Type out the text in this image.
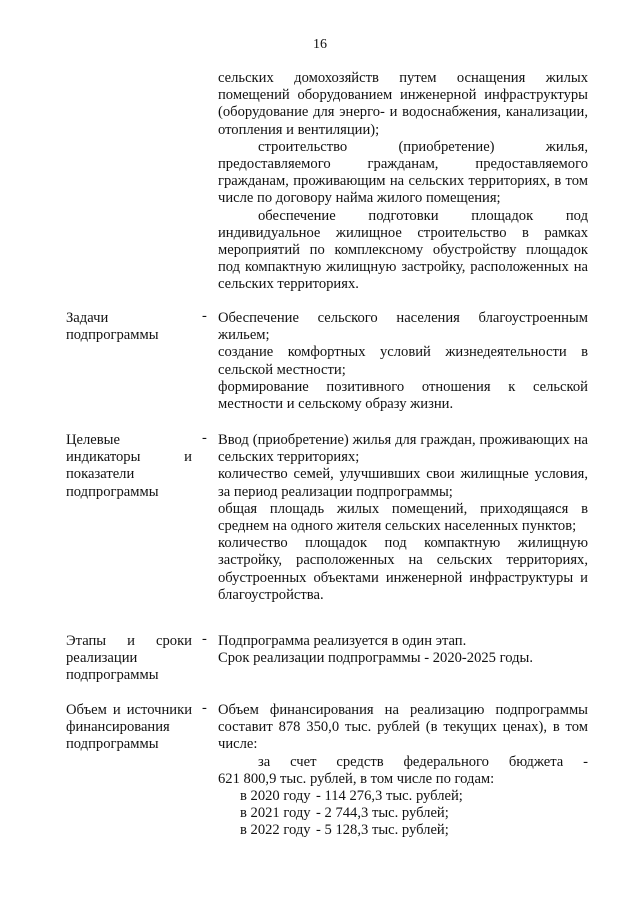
16

сельских домохозяйств путем оснащения жилых помещений оборудованием инженерной инфраструктуры (оборудование для энерго- и водоснабжения, канализации, отопления и вентиляции);

строительство (приобретение) жилья, предоставляемого гражданам, предоставляемого гражданам, проживающим на сельских территориях, в том числе по договору найма жилого помещения;

обеспечение подготовки площадок под индивидуальное жилищное строительство в рамках мероприятий по комплексному обустройству площадок под компактную жилищную застройку, расположенных на сельских территориях.

Задачи подпрограммы
- Обеспечение сельского населения благоустроенным жильем;

создание комфортных условий жизнедеятельности в сельской местности;

формирование позитивного отношения к сельской местности и сельскому образу жизни.

Целевые индикаторы и показатели подпрограммы
- Ввод (приобретение) жилья для граждан, проживающих на сельских территориях;

количество семей, улучшивших свои жилищные условия, за период реализации подпрограммы;

общая площадь жилых помещений, приходящаяся в среднем на одного жителя сельских населенных пунктов;

количество площадок под компактную жилищную застройку, расположенных на сельских территориях, обустроенных объектами инженерной инфраструктуры и благоустройства.

Этапы и сроки реализации подпрограммы
- Подпрограмма реализуется в один этап.

Срок реализации подпрограммы - 2020-2025 годы.

Объем и источники финансирования подпрограммы
- Объем финансирования на реализацию подпрограммы составит 878 350,0 тыс. рублей (в текущих ценах), в том числе:

за счет средств федерального бюджета -

621 800,9 тыс. рублей, в том числе по годам:

в 2020 году - 114 276,3 тыс. рублей;
в 2021 году - 2 744,3 тыс. рублей;
в 2022 году - 5 128,3 тыс. рублей;
